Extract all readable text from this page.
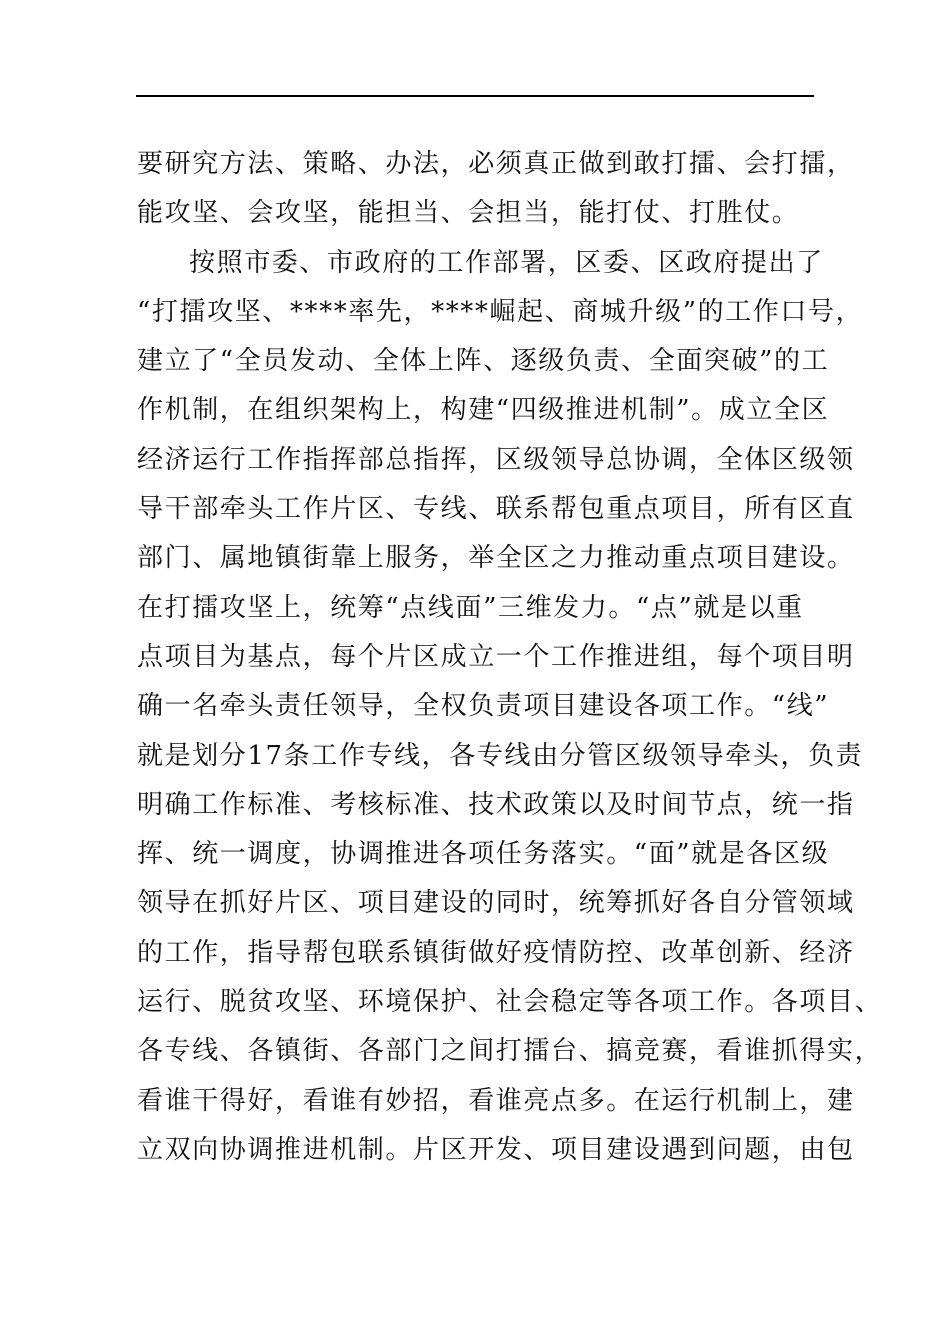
要研究方法、策略、办法，必须真正做到敢打擂、会打擂，
能攻坚、会攻坚，能担当、会担当，能打仗、打胜仗。
按照市委、市政府的工作部署，区委、区政府提出了
“打擂攻坚、****率先，****崛起、商城升级”的工作口号，
建立了“全员发动、全体上阵、逐级负责、全面突破”的工
作机制，在组织架构上，构建“四级推进机制”。成立全区
经济运行工作指挥部总指挥，区级领导总协调，全体区级领
导干部牵头工作片区、专线、联系帮包重点项目，所有区直
部门、属地镇街靠上服务，举全区之力推动重点项目建设。
在打擂攻坚上，统筹“点线面”三维发力。“点”就是以重
点项目为基点，每个片区成立一个工作推进组，每个项目明
确一名牵头责任领导，全权负责项目建设各项工作。“线”
就是划分17条工作专线，各专线由分管区级领导牵头，负责
明确工作标准、考核标准、技术政策以及时间节点，统一指
挥、统一调度，协调推进各项任务落实。“面”就是各区级
领导在抓好片区、项目建设的同时，统筹抓好各自分管领域
的工作，指导帮包联系镇街做好疫情防控、改革创新、经济
运行、脱贫攻坚、环境保护、社会稳定等各项工作。各项目、
各专线、各镇街、各部门之间打擂台、搞竞赛，看谁抓得实，
看谁干得好，看谁有妙招，看谁亮点多。在运行机制上，建
立双向协调推进机制。片区开发、项目建设遇到问题，由包
